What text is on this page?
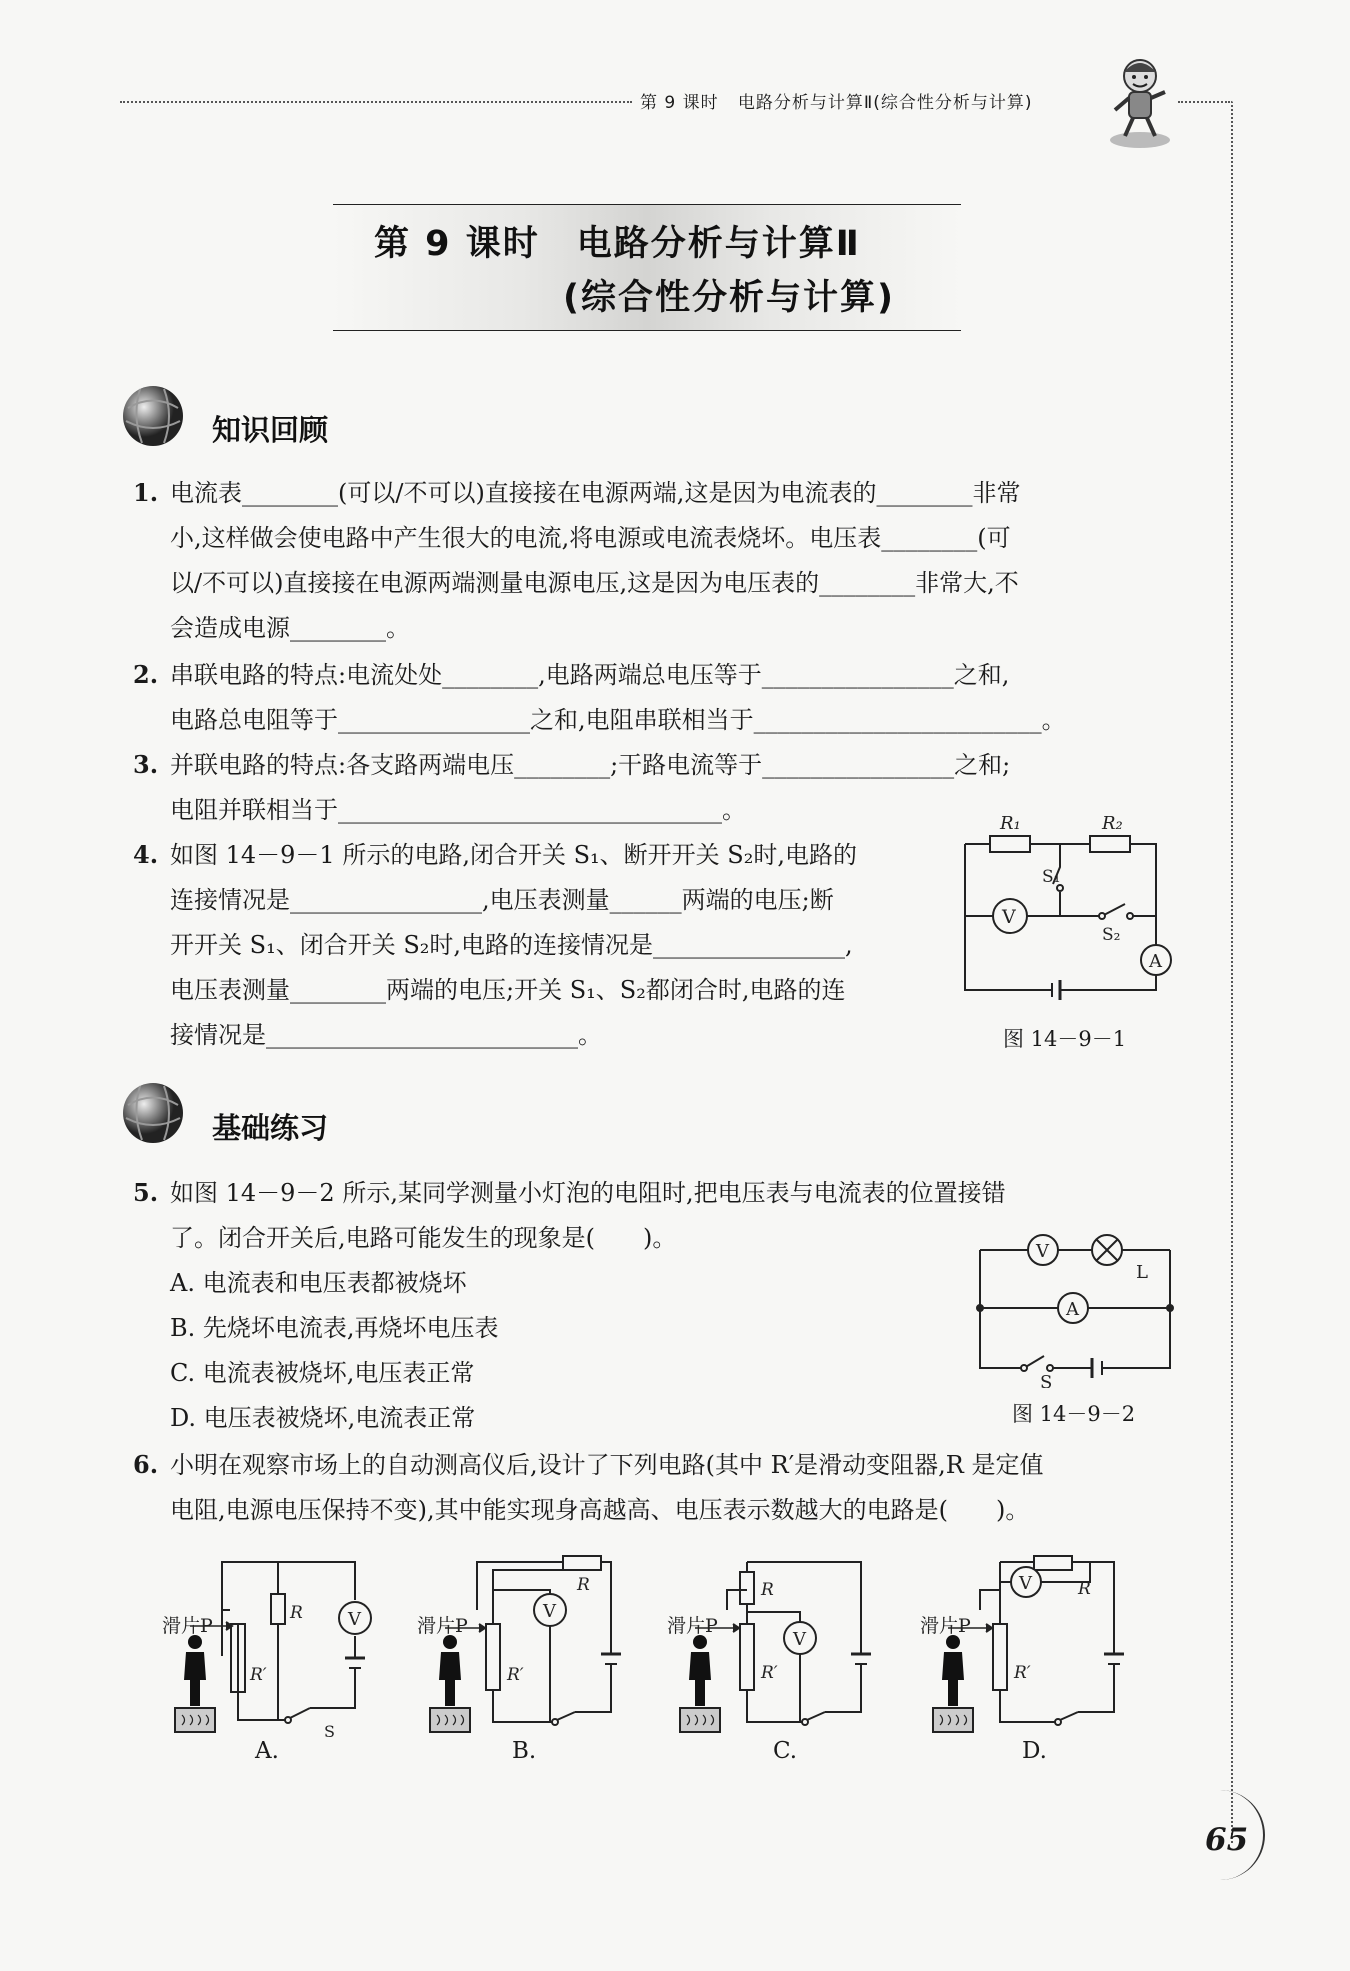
第 9 课时 电路分析与计算Ⅱ(综合性分析与计算)
第 9 课时　电路分析与计算Ⅱ
(综合性分析与计算)
知识回顾
1. 电流表________(可以/不可以)直接接在电源两端,这是因为电流表的________非常
小,这样做会使电路中产生很大的电流,将电源或电流表烧坏。电压表________(可
以/不可以)直接接在电源两端测量电源电压,这是因为电压表的________非常大,不
会造成电源________。
2. 串联电路的特点:电流处处________,电路两端总电压等于________________之和,
电路总电阻等于________________之和,电阻串联相当于________________________。
3. 并联电路的特点:各支路两端电压________;干路电流等于________________之和;
电阻并联相当于________________________________。
4. 如图 14－9－1 所示的电路,闭合开关 S₁、断开开关 S₂时,电路的
连接情况是________________,电压表测量______两端的电压;断
开开关 S₁、闭合开关 S₂时,电路的连接情况是________________,
电压表测量________两端的电压;开关 S₁、S₂都闭合时,电路的连
接情况是__________________________。
V
A
R₁	R₂
S₁
S₂
图 14－9－1
基础练习
5. 如图 14－9－2 所示,某同学测量小灯泡的电阻时,把电压表与电流表的位置接错
了。闭合开关后,电路可能发生的现象是(　　)。
A. 电流表和电压表都被烧坏
B. 先烧坏电流表,再烧坏电压表
C. 电流表被烧坏,电压表正常
D. 电压表被烧坏,电流表正常
V
A
L
S
图 14－9－2
6. 小明在观察市场上的自动测高仪后,设计了下列电路(其中 R′是滑动变阻器,R 是定值
电阻,电源电压保持不变),其中能实现身高越高、电压表示数越大的电路是(　　)。
滑片P
R′
R	V
S
A.
滑片P
R′
R
V
B.
滑片P
R′
R
V
C.
滑片P
R′
R
V
D.
65
